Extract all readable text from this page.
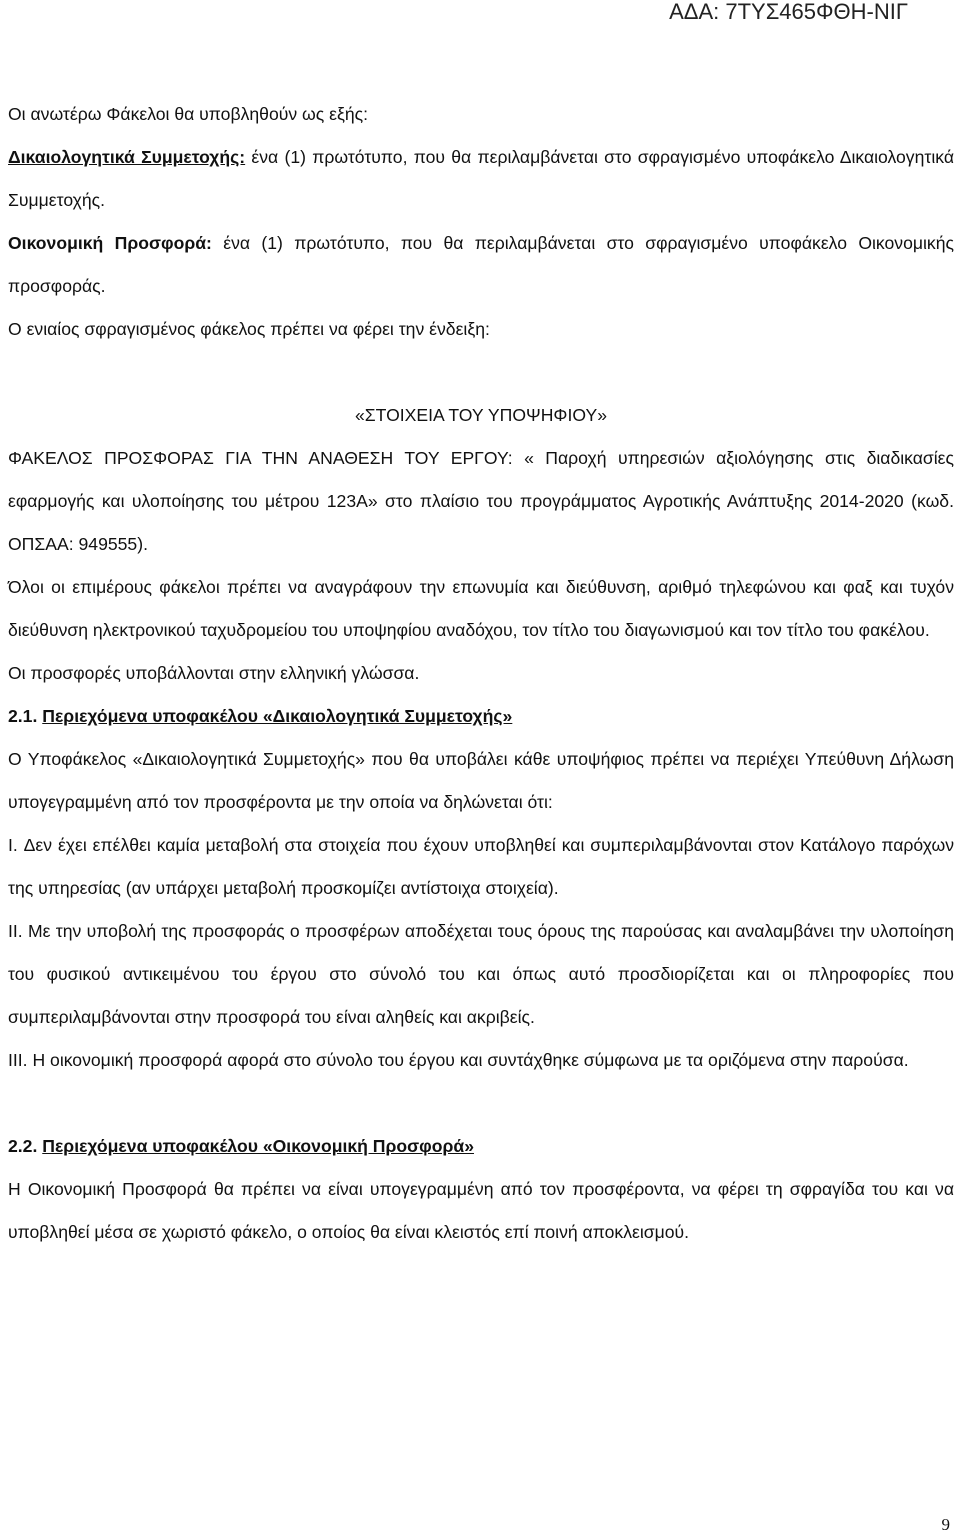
ΑΔΑ: 7ΤΥΣ465ΦΘΗ-ΝΙΓ

Οι ανωτέρω Φάκελοι θα υποβληθούν ως εξής:

Δικαιολογητικά Συμμετοχής: ένα (1) πρωτότυπο, που θα περιλαμβάνεται στο σφραγισμένο υποφάκελο Δικαιολογητικά Συμμετοχής.

Οικονομική Προσφορά: ένα (1) πρωτότυπο, που θα περιλαμβάνεται στο σφραγισμένο υποφάκελο Οικονομικής προσφοράς.

Ο ενιαίος σφραγισμένος φάκελος πρέπει να φέρει την ένδειξη:

«ΣΤΟΙΧΕΙΑ ΤΟΥ ΥΠΟΨΗΦΙΟΥ»

ΦΑΚΕΛΟΣ ΠΡΟΣΦΟΡΑΣ ΓΙΑ ΤΗΝ ΑΝΑΘΕΣΗ ΤΟΥ ΕΡΓΟΥ: « Παροχή υπηρεσιών αξιολόγησης στις διαδικασίες εφαρμογής και υλοποίησης του μέτρου 123Α» στο πλαίσιο του προγράμματος Αγροτικής Ανάπτυξης 2014-2020 (κωδ. ΟΠΣΑΑ: 949555).

Όλοι οι επιμέρους φάκελοι πρέπει να αναγράφουν την επωνυμία και διεύθυνση, αριθμό τηλεφώνου και φαξ και τυχόν διεύθυνση ηλεκτρονικού ταχυδρομείου του υποψηφίου αναδόχου, τον τίτλο του διαγωνισμού και τον τίτλο του φακέλου.

Οι προσφορές υποβάλλονται στην ελληνική γλώσσα.

2.1. Περιεχόμενα υποφακέλου «Δικαιολογητικά Συμμετοχής»

Ο Υποφάκελος «Δικαιολογητικά Συμμετοχής» που θα υποβάλει κάθε υποψήφιος πρέπει να περιέχει Υπεύθυνη Δήλωση υπογεγραμμένη από τον προσφέροντα με την οποία να δηλώνεται ότι:

I. Δεν έχει επέλθει καμία μεταβολή στα στοιχεία που έχουν υποβληθεί και συμπεριλαμβάνονται στον Κατάλογο παρόχων της υπηρεσίας (αν υπάρχει μεταβολή προσκομίζει αντίστοιχα στοιχεία).

II. Με την υποβολή της προσφοράς ο προσφέρων αποδέχεται τους όρους της παρούσας και αναλαμβάνει την υλοποίηση του φυσικού αντικειμένου του έργου στο σύνολό του και όπως αυτό προσδιορίζεται και οι πληροφορίες που συμπεριλαμβάνονται στην προσφορά του είναι αληθείς και ακριβείς.

III. Η οικονομική προσφορά αφορά στο σύνολο του έργου και συντάχθηκε σύμφωνα με τα οριζόμενα στην παρούσα.

2.2. Περιεχόμενα υποφακέλου «Οικονομική Προσφορά»

Η Οικονομική Προσφορά θα πρέπει να είναι υπογεγραμμένη από τον προσφέροντα, να φέρει τη σφραγίδα του και να υποβληθεί μέσα σε χωριστό φάκελο, ο οποίος θα είναι κλειστός επί ποινή αποκλεισμού.

9
